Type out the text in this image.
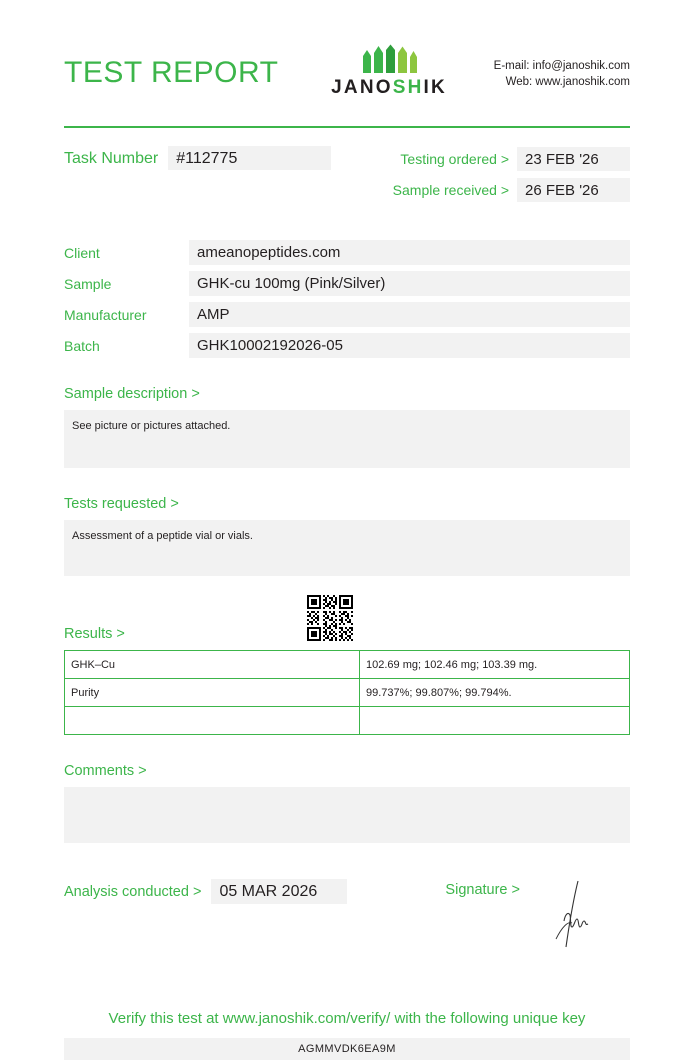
TEST REPORT	JANOSHIK
E-mail: info@janoshik.com
Web: www.janoshik.com
Task Number	#112775	Testing ordered >	23 FEB '26
Sample received >	26 FEB '26
Client	ameanopeptides.com
Sample	GHK-cu 100mg (Pink/Silver)
Manufacturer	AMP
Batch	GHK10002192026-05
Sample description >
See picture or pictures attached.
Tests requested >
Assessment of a peptide vial or vials.
Results >
GHK–Cu	102.69 mg; 102.46 mg; 103.39 mg.
Purity	99.737%; 99.807%; 99.794%.

Comments >
Analysis conducted >	05 MAR 2026	Signature >
Verify this test at www.janoshik.com/verify/ with the following unique key
AGMMVDK6EA9M
